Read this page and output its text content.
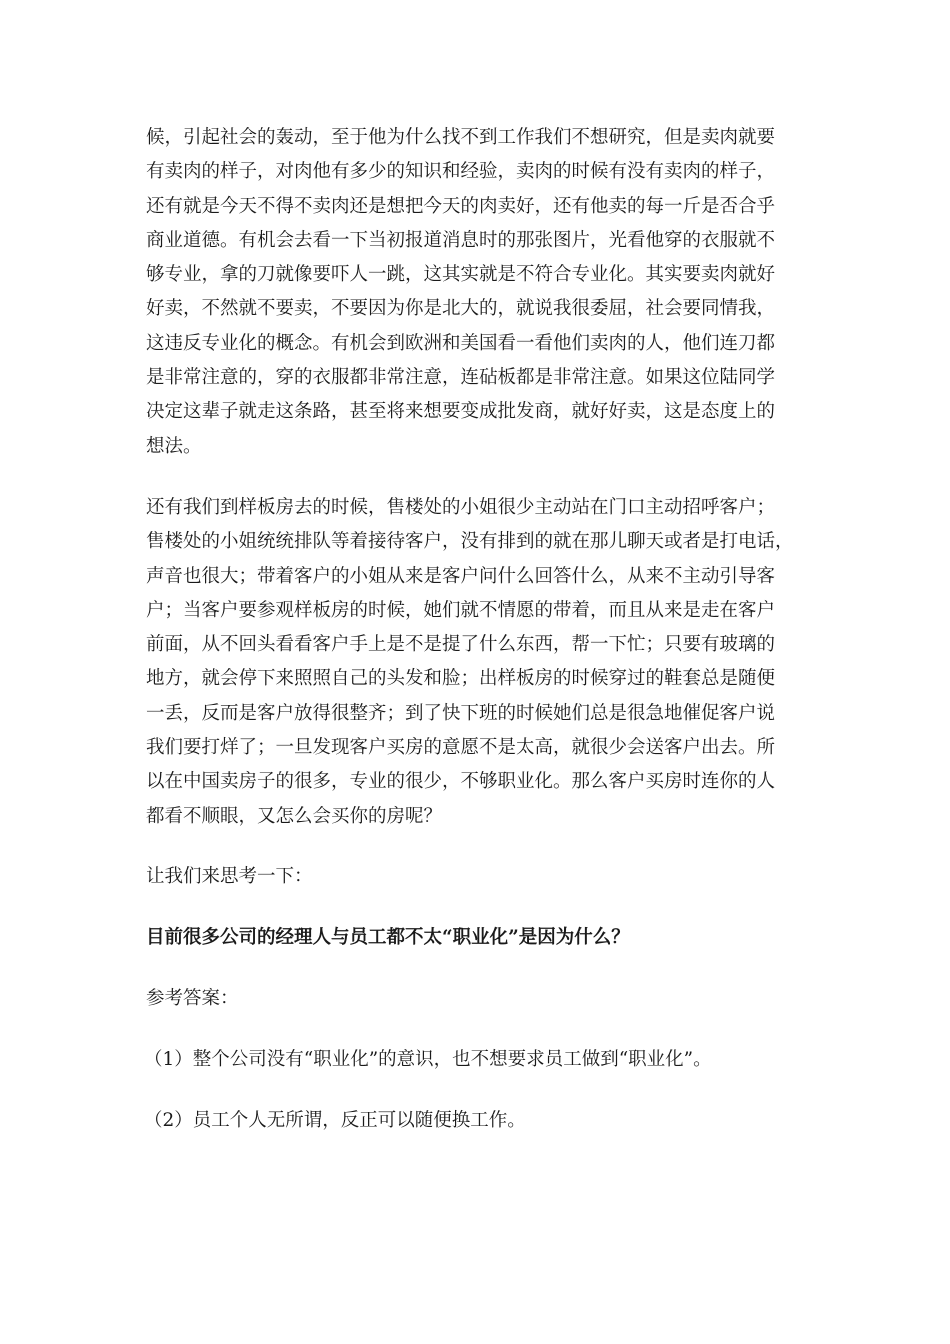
候，引起社会的轰动，至于他为什么找不到工作我们不想研究，但是卖肉就要
有卖肉的样子，对肉他有多少的知识和经验，卖肉的时候有没有卖肉的样子，
还有就是今天不得不卖肉还是想把今天的肉卖好，还有他卖的每一斤是否合乎
商业道德。有机会去看一下当初报道消息时的那张图片，光看他穿的衣服就不
够专业，拿的刀就像要吓人一跳，这其实就是不符合专业化。其实要卖肉就好
好卖，不然就不要卖，不要因为你是北大的，就说我很委屈，社会要同情我，
这违反专业化的概念。有机会到欧洲和美国看一看他们卖肉的人，他们连刀都
是非常注意的，穿的衣服都非常注意，连砧板都是非常注意。如果这位陆同学
决定这辈子就走这条路，甚至将来想要变成批发商，就好好卖，这是态度上的
想法。
还有我们到样板房去的时候，售楼处的小姐很少主动站在门口主动招呼客户；
售楼处的小姐统统排队等着接待客户，没有排到的就在那儿聊天或者是打电话，
声音也很大；带着客户的小姐从来是客户问什么回答什么，从来不主动引导客
户；当客户要参观样板房的时候，她们就不情愿的带着，而且从来是走在客户
前面，从不回头看看客户手上是不是提了什么东西，帮一下忙；只要有玻璃的
地方，就会停下来照照自己的头发和脸；出样板房的时候穿过的鞋套总是随便
一丢，反而是客户放得很整齐；到了快下班的时候她们总是很急地催促客户说
我们要打烊了；一旦发现客户买房的意愿不是太高，就很少会送客户出去。所
以在中国卖房子的很多，专业的很少，不够职业化。那么客户买房时连你的人
都看不顺眼，又怎么会买你的房呢？

让我们来思考一下：

目前很多公司的经理人与员工都不太“职业化”是因为什么？

参考答案：

（1）整个公司没有“职业化”的意识，也不想要求员工做到“职业化”。

（2）员工个人无所谓，反正可以随便换工作。
